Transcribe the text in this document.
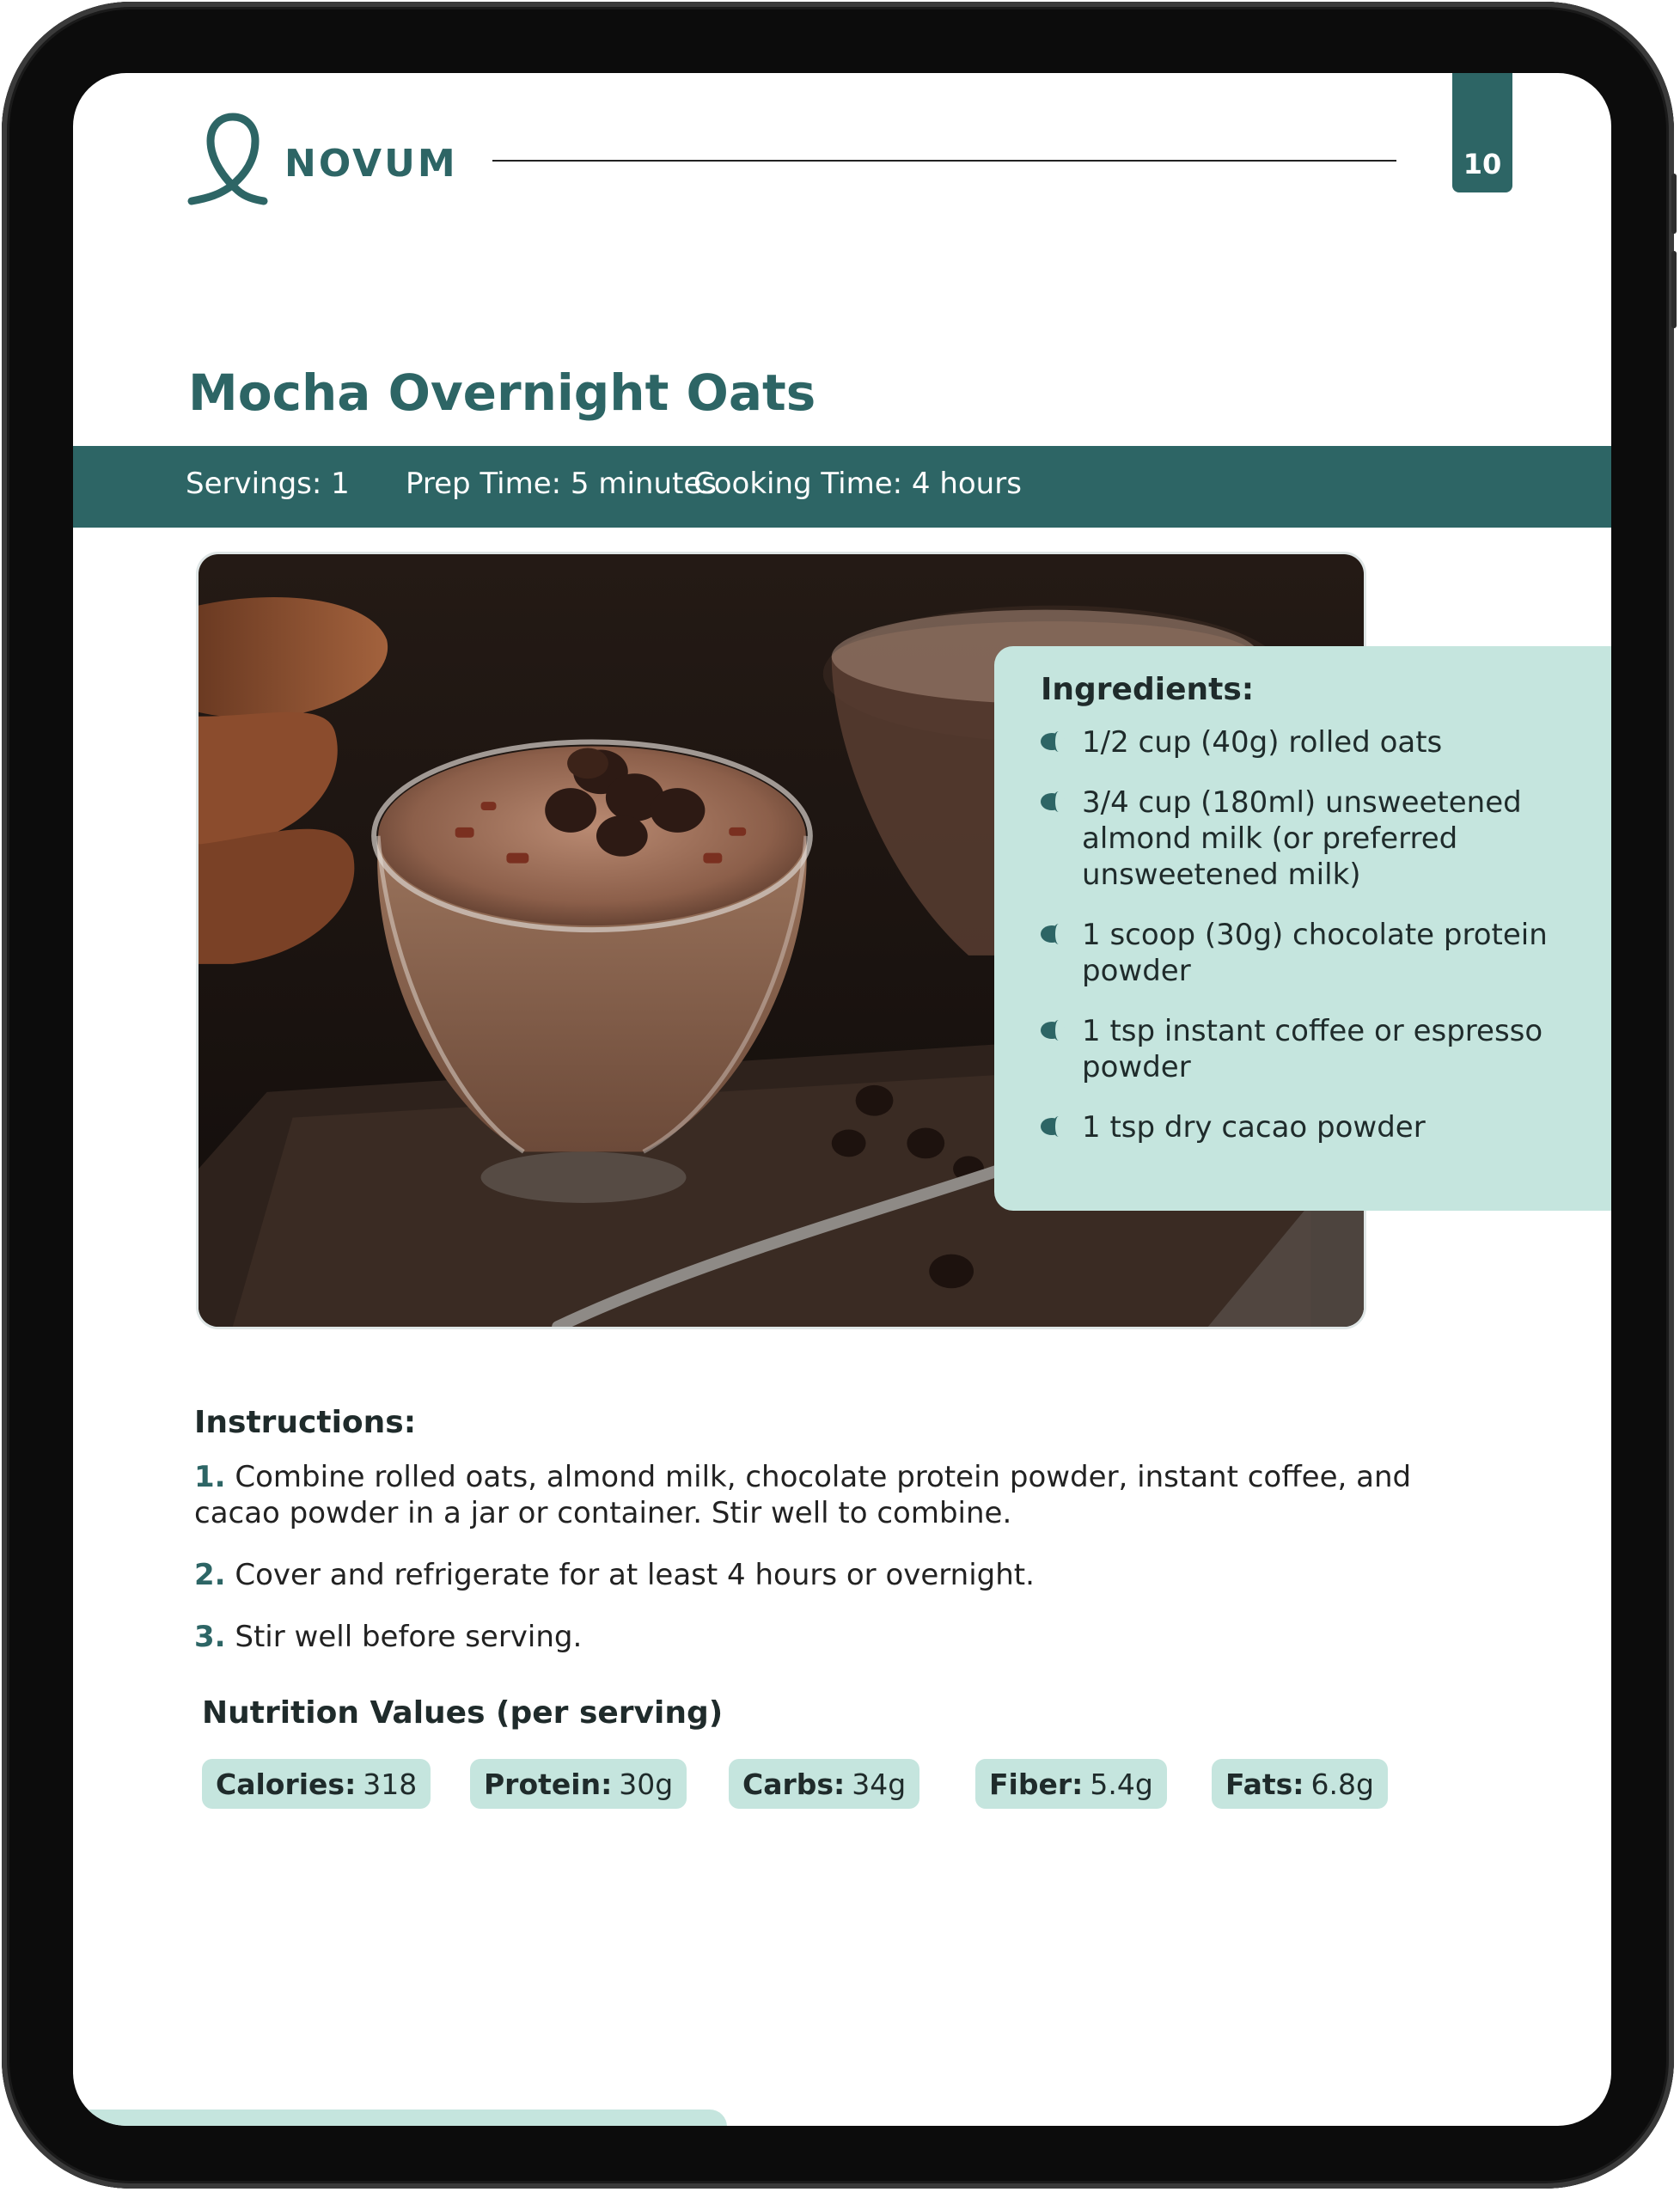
NOVUM	10
Mocha Overnight Oats
Servings: 1 Prep Time: 5 minutes
Cooking Time: 4 hours
Ingredients:
1/2 cup (40g) rolled oats
3/4 cup (180ml) unsweetened almond milk (or preferred unsweetened milk)
1 scoop (30g) chocolate protein powder
1 tsp instant coffee or espresso powder
1 tsp dry cacao powder
Instructions:
1. Combine rolled oats, almond milk, chocolate protein powder, instant coffee, and cacao powder in a jar or container. Stir well to combine.
2. Cover and refrigerate for at least 4 hours or overnight.
3. Stir well before serving.
Nutrition Values (per serving)
Calories: 318 Protein: 30g Carbs: 34g	Fiber: 5.4g	Fats: 6.8g
